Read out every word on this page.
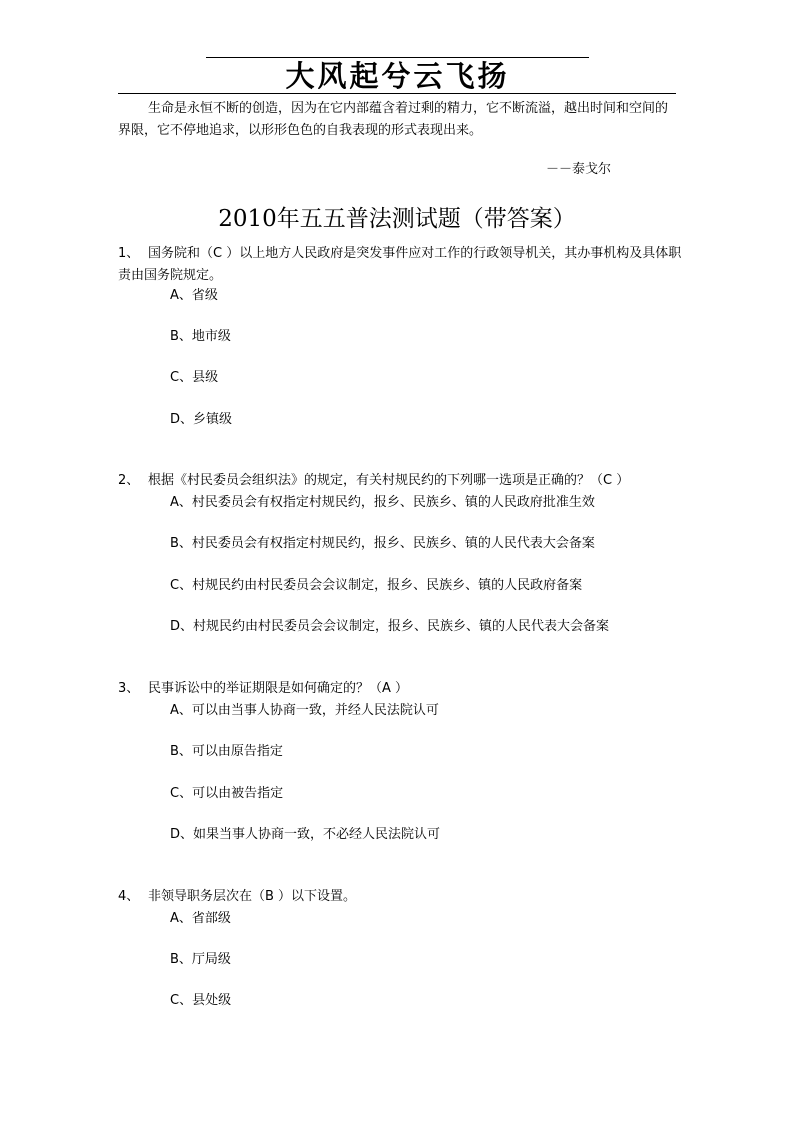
大风起兮云飞扬
生命是永恒不断的创造，因为在它内部蕴含着过剩的精力，它不断流溢，越出时间和空间的界限，它不停地追求，以形形色色的自我表现的形式表现出来。
－－泰戈尔
2010年五五普法测试题（带答案）
1、 国务院和（C ）以上地方人民政府是突发事件应对工作的行政领导机关，其办事机构及具体职责由国务院规定。
A、省级
B、地市级
C、县级
D、乡镇级
2、 根据《村民委员会组织法》的规定，有关村规民约的下列哪一选项是正确的？（C ）
A、村民委员会有权指定村规民约，报乡、民族乡、镇的人民政府批准生效
B、村民委员会有权指定村规民约，报乡、民族乡、镇的人民代表大会备案
C、村规民约由村民委员会会议制定，报乡、民族乡、镇的人民政府备案
D、村规民约由村民委员会会议制定，报乡、民族乡、镇的人民代表大会备案
3、 民事诉讼中的举证期限是如何确定的？（A ）
A、可以由当事人协商一致，并经人民法院认可
B、可以由原告指定
C、可以由被告指定
D、如果当事人协商一致，不必经人民法院认可
4、 非领导职务层次在（B ）以下设置。
A、省部级
B、厅局级
C、县处级
